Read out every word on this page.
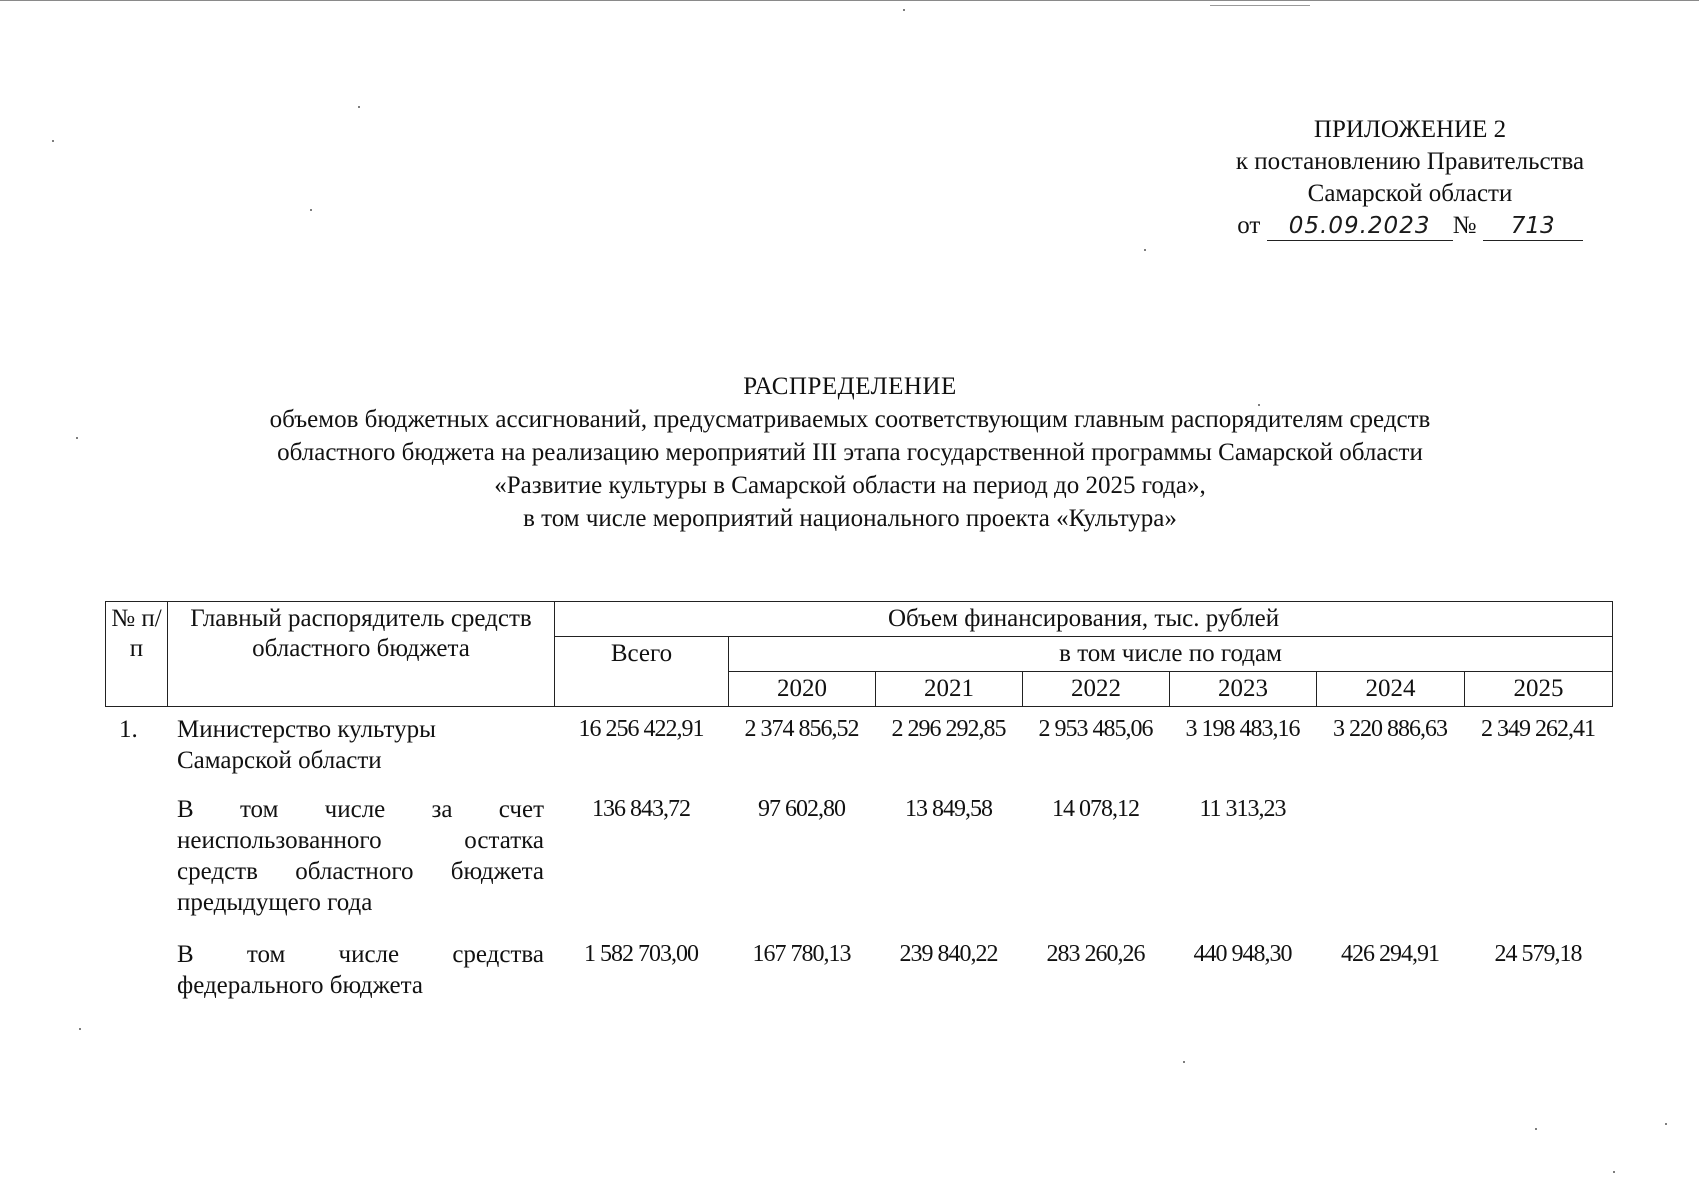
ПРИЛОЖЕНИЕ 2
к постановлению Правительства
Самарской области
от 05.09.2023 № 713
РАСПРЕДЕЛЕНИЕ
объемов бюджетных ассигнований, предусматриваемых соответствующим главным распорядителям средств
областного бюджета на реализацию мероприятий III этапа государственной программы Самарской области
«Развитие культуры в Самарской области на период до 2025 года»,
в том числе мероприятий национального проекта «Культура»
№ п/п	Главный распорядитель средств областного бюджета	Объем финансирования, тыс. рублей						
		Всего	в том числе по годам					
			2020	2021	2022	2023	2024	2025
1.	Министерство культуры Самарской области	16 256 422,91	2 374 856,52	2 296 292,85	2 953 485,06	3 198 483,16	3 220 886,63	2 349 262,41
	В том числе за счет неиспользованного остатка средств областного бюджета предыдущего года	136 843,72	97 602,80	13 849,58	14 078,12	11 313,23		
	В том числе средства федерального бюджета	1 582 703,00	167 780,13	239 840,22	283 260,26	440 948,30	426 294,91	24 579,18
